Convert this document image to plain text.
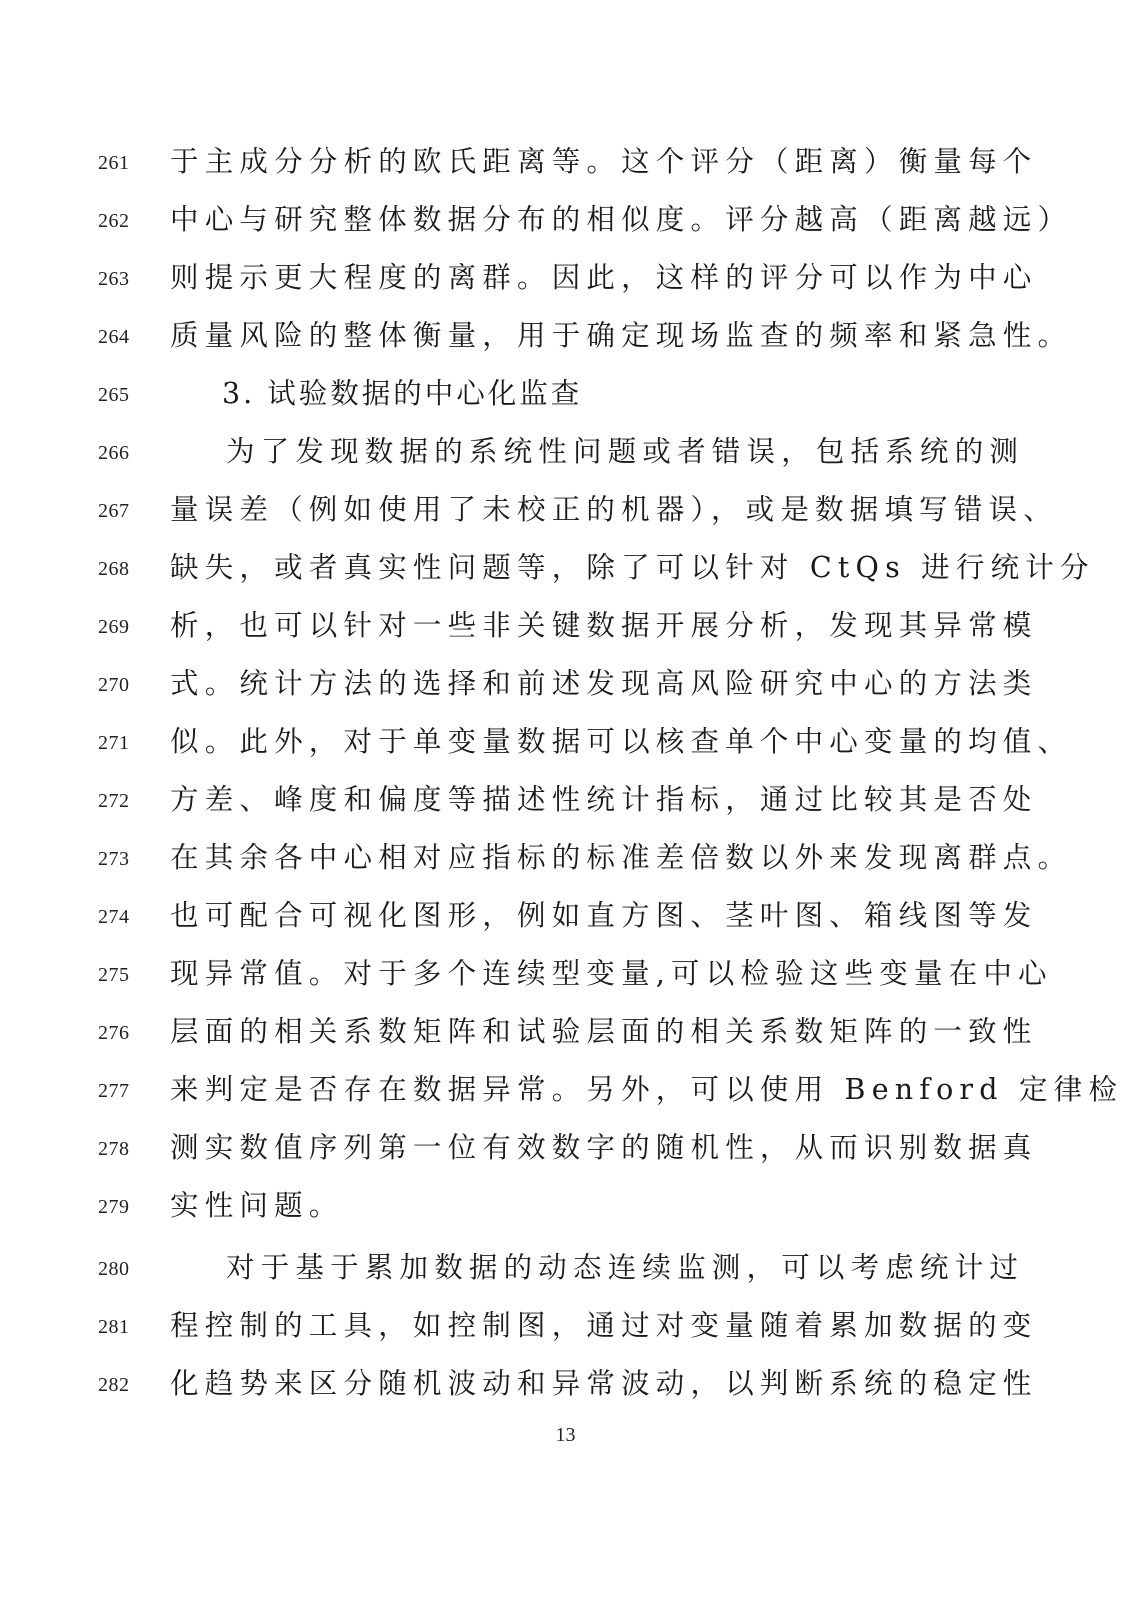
261	于主成分分析的欧氏距离等。这个评分（距离）衡量每个
262	中心与研究整体数据分布的相似度。评分越高（距离越远）
263	则提示更大程度的离群。因此，这样的评分可以作为中心
264	质量风险的整体衡量，用于确定现场监查的频率和紧急性。
265	3. 试验数据的中心化监查
266	为了发现数据的系统性问题或者错误，包括系统的测
267	量误差（例如使用了未校正的机器），或是数据填写错误、
268	缺失，或者真实性问题等，除了可以针对 CtQs 进行统计分
269	析，也可以针对一些非关键数据开展分析，发现其异常模
270	式。统计方法的选择和前述发现高风险研究中心的方法类
271	似。此外，对于单变量数据可以核查单个中心变量的均值、
272	方差、峰度和偏度等描述性统计指标，通过比较其是否处
273	在其余各中心相对应指标的标准差倍数以外来发现离群点。
274	也可配合可视化图形，例如直方图、茎叶图、箱线图等发
275	现异常值。对于多个连续型变量,可以检验这些变量在中心
276	层面的相关系数矩阵和试验层面的相关系数矩阵的一致性
277	来判定是否存在数据异常。另外，可以使用 Benford 定律检
278	测实数值序列第一位有效数字的随机性，从而识别数据真
279	实性问题。
280	对于基于累加数据的动态连续监测，可以考虑统计过
281	程控制的工具，如控制图，通过对变量随着累加数据的变
282	化趋势来区分随机波动和异常波动，以判断系统的稳定性
13
